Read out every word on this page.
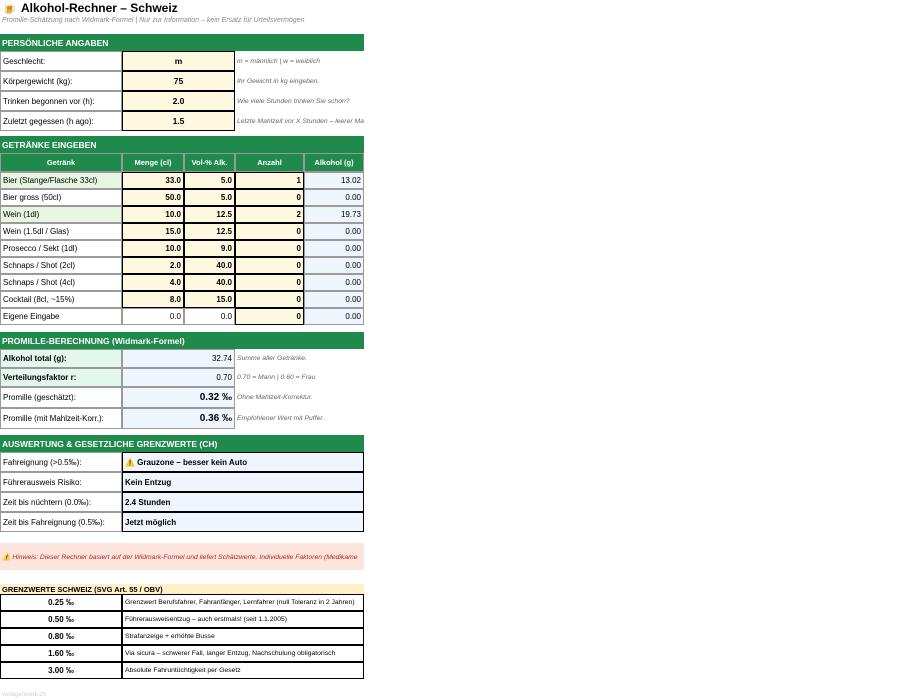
🍺 Alkohol-Rechner – Schweiz
Promille-Schätzung nach Widmark-Formel | Nur zur Information – kein Ersatz für Urteilsvermögen
PERSÖNLICHE ANGABEN
Geschlecht:	m	m = männlich | w = weiblich
Körpergewicht (kg):	75	Ihr Gewicht in kg eingeben.
Trinken begonnen vor (h):	2.0	Wie viele Stunden trinken Sie schon?
Zuletzt gegessen (h ago):	1.5	Letzte Mahlzeit vor X Stunden – leerer Ma
GETRÄNKE EINGEBEN
Getränk	Menge (cl)	Vol-% Alk.	Anzahl	Alkohol (g)
Bier (Stange/Flasche 33cl)	33.0	5.0	1	13.02
Bier gross (50cl)	50.0	5.0	0	0.00
Wein (1dl)	10.0	12.5	2	19.73
Wein (1.5dl / Glas)	15.0	12.5	0	0.00
Prosecco / Sekt (1dl)	10.0	9.0	0	0.00
Schnaps / Shot (2cl)	2.0	40.0	0	0.00
Schnaps / Shot (4cl)	4.0	40.0	0	0.00
Cocktail (8cl, ~15%)	8.0	15.0	0	0.00
Eigene Eingabe	0.0	0.0	0	0.00
PROMILLE-BERECHNUNG (Widmark-Formel)
Alkohol total (g):	32.74 Summe aller Getränke.
Verteilungsfaktor r:	0.70 0.70 = Mann | 0.60 = Frau
Promille (geschätzt):	0.32 ‰ Ohne Mahlzeit-Korrektur.
Promille (mit Mahlzeit-Korr.):	0.36 ‰ Empfohlener Wert mit Puffer.
AUSWERTUNG & GESETZLICHE GRENZWERTE (CH)
Fahreignung (>0.5‰):	⚠️ Grauzone – besser kein Auto
Führerausweis Risiko:	Kein Entzug
Zeit bis nüchtern (0.0‰):	2.4 Stunden
Zeit bis Fahreignung (0.5‰):	Jetzt möglich
⚠️ Hinweis: Dieser Rechner basiert auf der Widmark-Formel und liefert Schätzwerte. Individuelle Faktoren (Medikame
GRENZWERTE SCHWEIZ (SVG Art. 55 / OBV)
0.25 ‰	Grenzwert Berufsfahrer, Fahranfänger, Lernfahrer (null Toleranz in 2 Jahren)
0.50 ‰	Führerausweisentzug – auch erstmals! (seit 1.1.2005)
0.80 ‰	Strafanzeige + erhöhte Busse
1.60 ‰	Via sicura – schwerer Fall, langer Entzug, Nachschulung obligatorisch
3.00 ‰	Absolute Fahruntüchtigkeit per Gesetz
vorlagenwerk.ch
